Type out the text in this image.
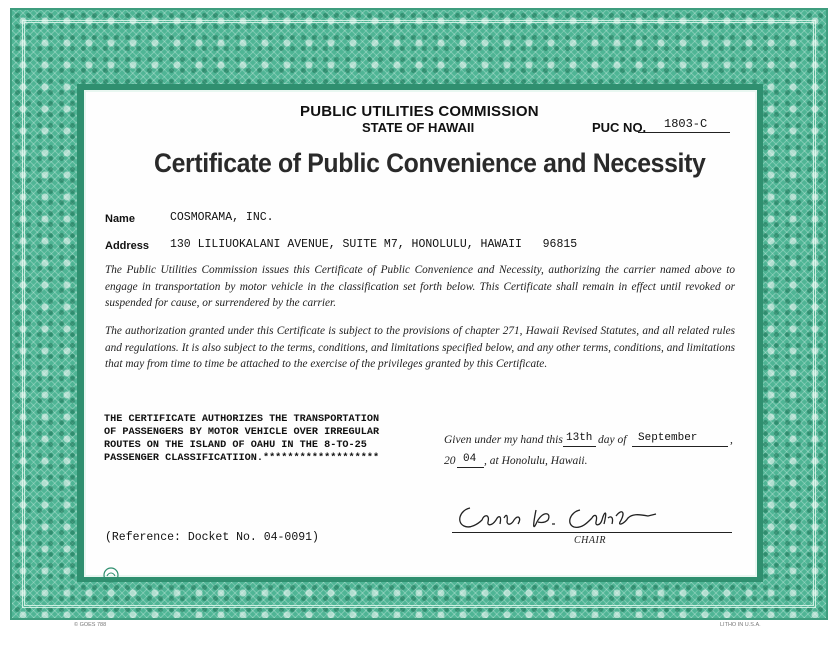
PUBLIC UTILITIES COMMISSION
STATE OF HAWAII	PUC NO. 1803-C
Certificate of Public Convenience and Necessity
Name	COSMORAMA, INC.
Address 130 LILIUOKALANI AVENUE, SUITE M7, HONOLULU, HAWAII   96815
The Public Utilities Commission issues this Certificate of Public Convenience and Necessity, authorizing the carrier named above to engage in transportation by motor vehicle in the classification set forth below. This Certificate shall remain in effect until revoked or suspended for cause, or surrendered by the carrier.
The authorization granted under this Certificate is subject to the provisions of chapter 271, Hawaii Revised Statutes, and all related rules and regulations. It is also subject to the terms, conditions, and limitations specified below, and any other terms, conditions, and limitations that may from time to time be attached to the exercise of the privileges granted by this Certificate.
THE CERTIFICATE AUTHORIZES THE TRANSPORTATION
OF PASSENGERS BY MOTOR VEHICLE OVER IRREGULAR
ROUTES ON THE ISLAND OF OAHU IN THE 8-TO-25
PASSENGER CLASSIFICATIION.*******************
Given under my hand this 13th day of September	,
20 04 , at Honolulu, Hawaii.
(Reference: Docket No. 04-0091)	CHAIR
© GOES 788	LITHO IN U.S.A.
